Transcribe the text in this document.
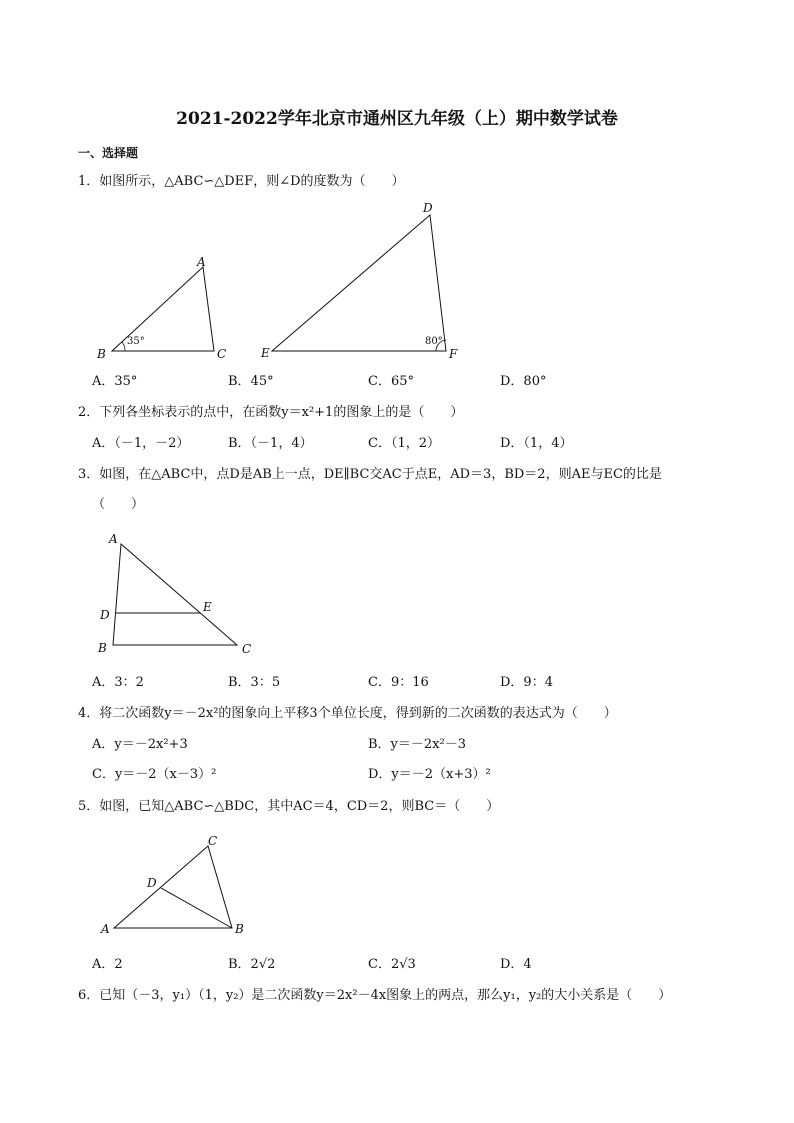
2021-2022学年北京市通州区九年级（上）期中数学试卷
一、选择题
1．如图所示，△ABC∽△DEF，则∠D的度数为（　　）
A
B	C
35°
D
E	F
80°
A．35°	B．45°	C．65°	D．80°
2．下列各坐标表示的点中，在函数y＝x²+1的图象上的是（　　）
A．（－1，－2）	B．（－1，4）	C．（1，2）	D．（1，4）
3．如图，在△ABC中，点D是AB上一点，DE∥BC交AC于点E，AD＝3，BD＝2，则AE与EC的比是
（　　）
A
D
E
B	C
A．3：2	B．3：5	C．9：16	D．9：4
4．将二次函数y＝－2x²的图象向上平移3个单位长度，得到新的二次函数的表达式为（　　）
A．y＝－2x²+3	B．y＝－2x²－3
C．y＝－2（x－3）²	D．y＝－2（x+3）²
5．如图，已知△ABC∽△BDC，其中AC＝4，CD＝2，则BC＝（　　）
C
D
A	B
A．2	B．2√2	C．2√3	D．4
6．已知（－3，y₁）（1，y₂）是二次函数y＝2x²－4x图象上的两点，那么y₁，y₂的大小关系是（　　）
